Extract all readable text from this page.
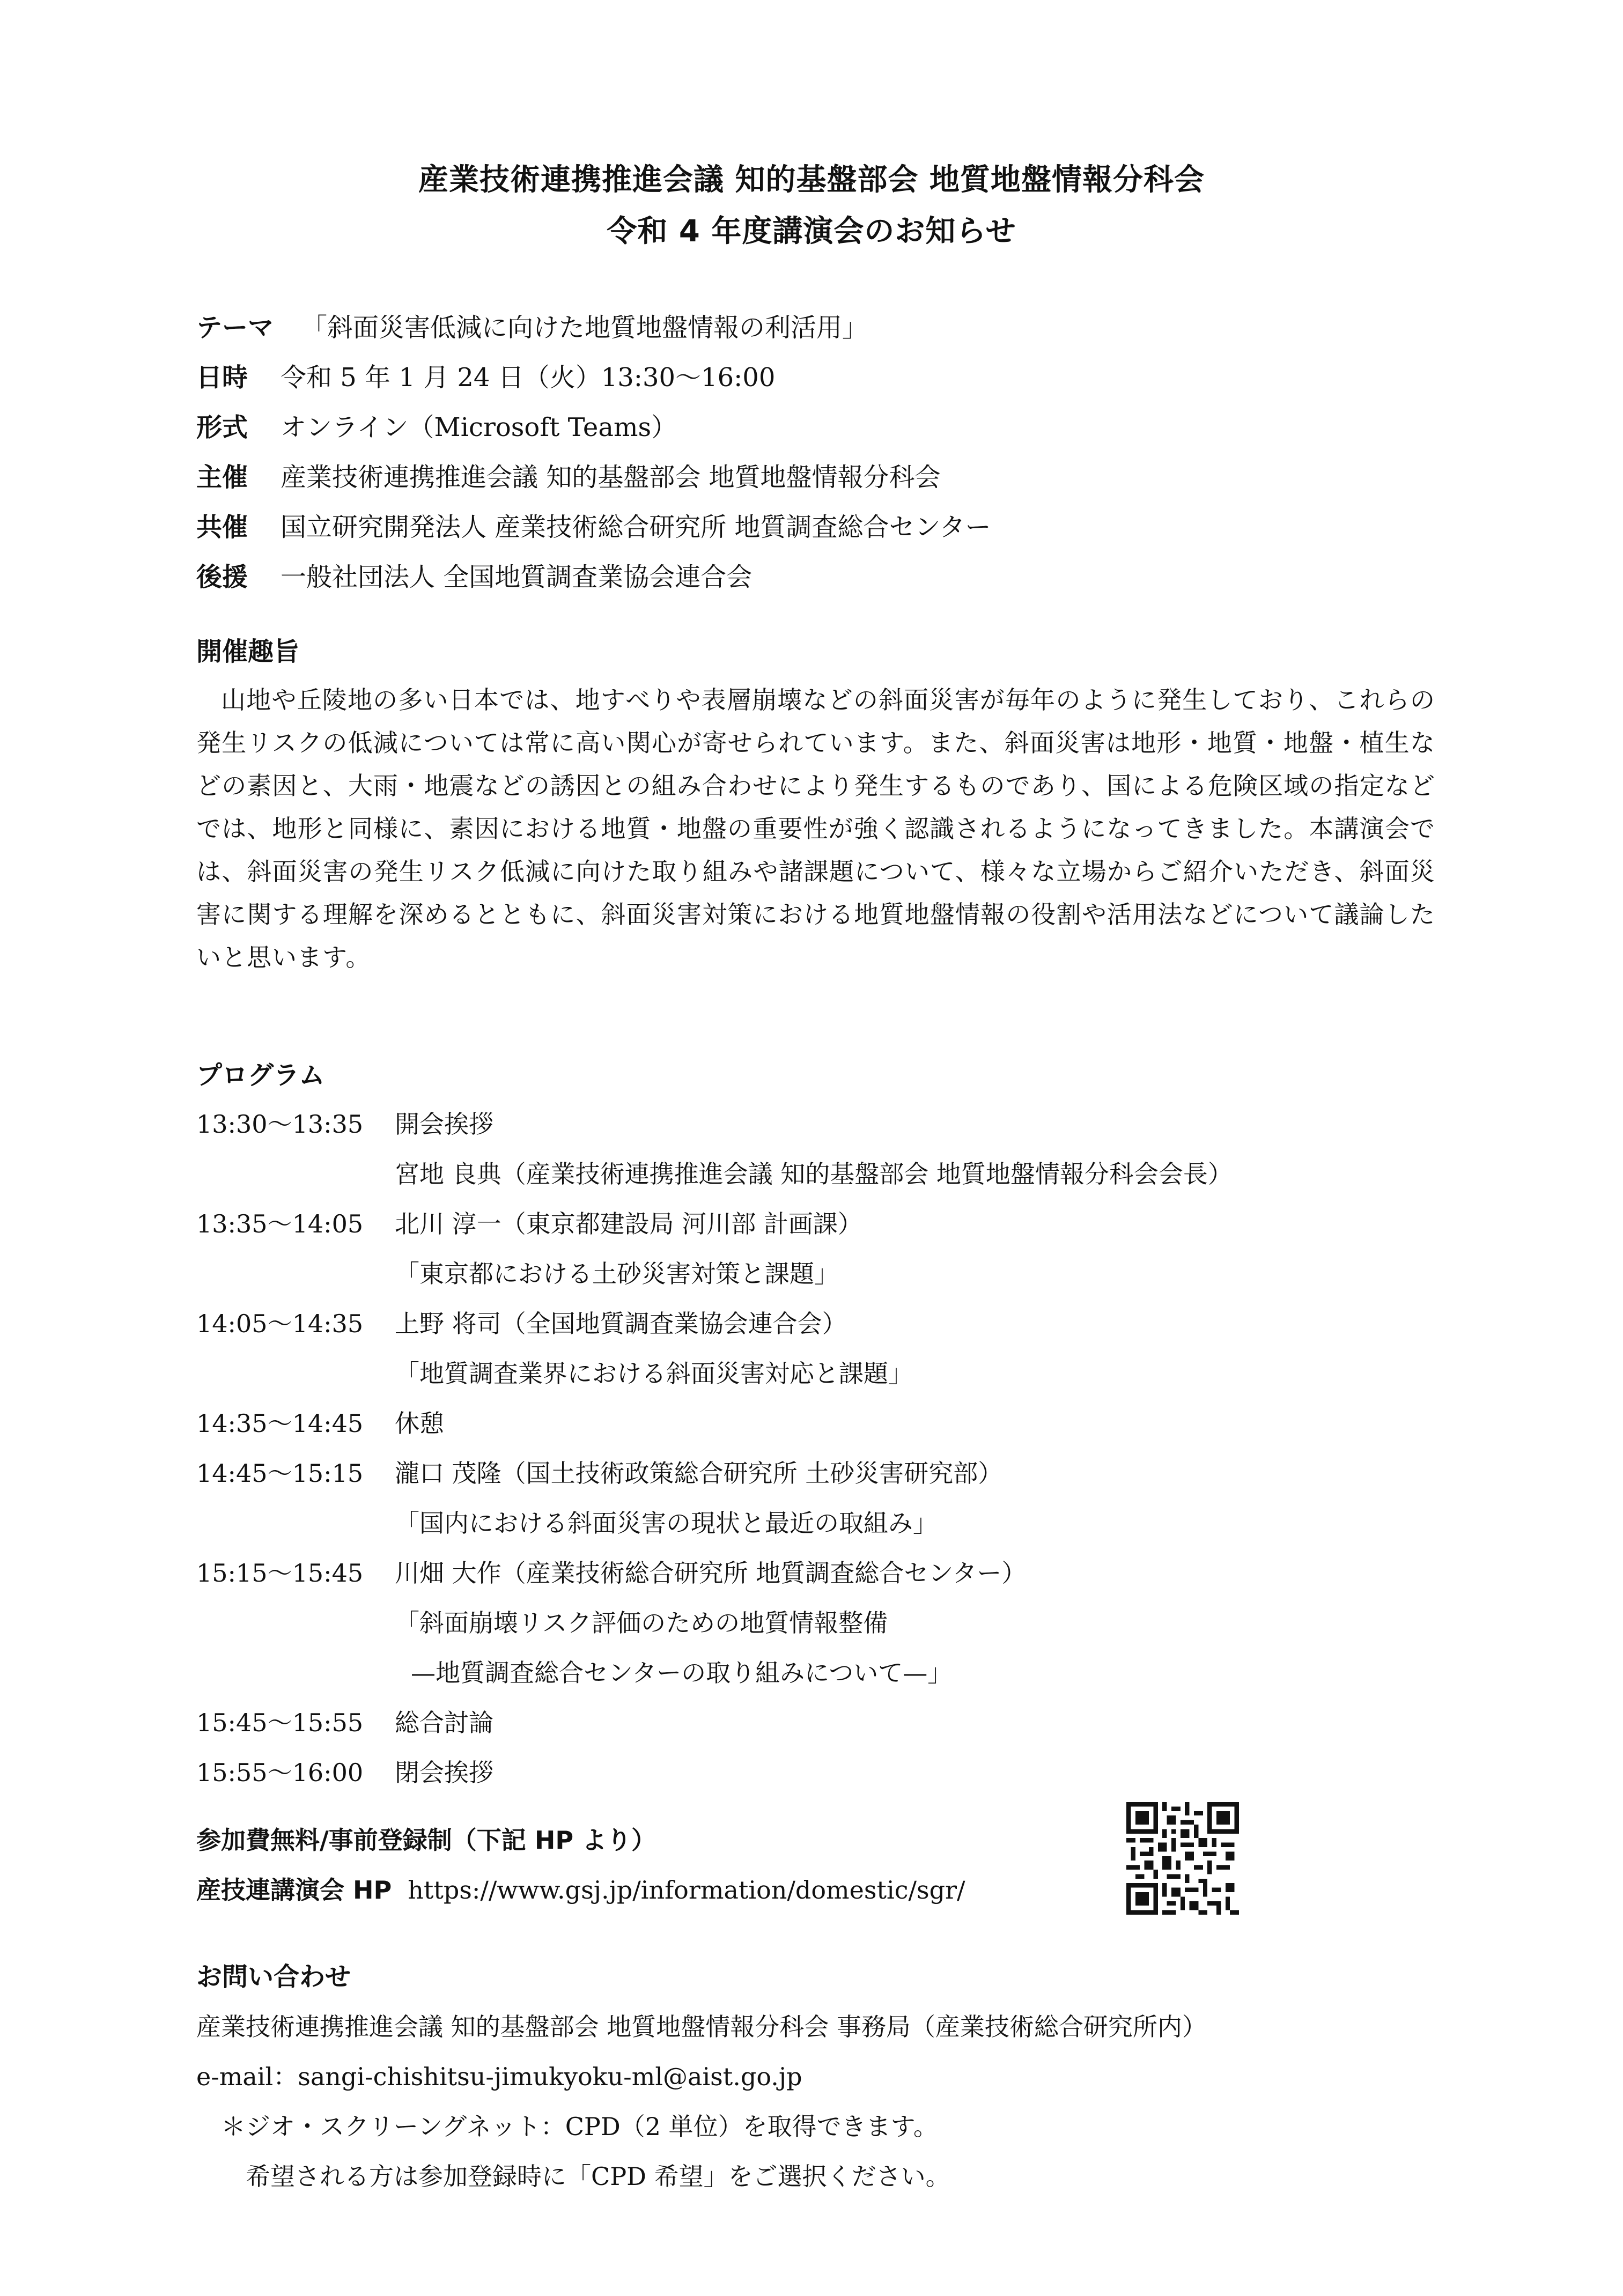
産業技術連携推進会議 知的基盤部会 地質地盤情報分科会
令和 4 年度講演会のお知らせ
テーマ 「斜面災害低減に向けた地質地盤情報の利活用」
日時 令和 5 年 1 月 24 日（火）13:30～16:00
形式 オンライン（Microsoft Teams）
主催 産業技術連携推進会議 知的基盤部会 地質地盤情報分科会
共催 国立研究開発法人 産業技術総合研究所 地質調査総合センター
後援 一般社団法人 全国地質調査業協会連合会
開催趣旨
山地や丘陵地の多い日本では、地すべりや表層崩壊などの斜面災害が毎年のように発生しており、これらの発生リスクの低減については常に高い関心が寄せられています。また、斜面災害は地形・地質・地盤・植生などの素因と、大雨・地震などの誘因との組み合わせにより発生するものであり、国による危険区域の指定などでは、地形と同様に、素因における地質・地盤の重要性が強く認識されるようになってきました。本講演会では、斜面災害の発生リスク低減に向けた取り組みや諸課題について、様々な立場からご紹介いただき、斜面災害に関する理解を深めるとともに、斜面災害対策における地質地盤情報の役割や活用法などについて議論したいと思います。
プログラム
13:30～13:35 開会挨拶
宮地 良典（産業技術連携推進会議 知的基盤部会 地質地盤情報分科会会長）
13:35～14:05 北川 淳一（東京都建設局 河川部 計画課）
「東京都における土砂災害対策と課題」
14:05～14:35 上野 将司（全国地質調査業協会連合会）
「地質調査業界における斜面災害対応と課題」
14:35～14:45 休憩
14:45～15:15 瀧口 茂隆（国土技術政策総合研究所 土砂災害研究部）
「国内における斜面災害の現状と最近の取組み」
15:15～15:45 川畑 大作（産業技術総合研究所 地質調査総合センター）
「斜面崩壊リスク評価のための地質情報整備
—地質調査総合センターの取り組みについて—」
15:45～15:55 総合討論
15:55～16:00 閉会挨拶
参加費無料/事前登録制（下記 HP より）
産技連講演会 HP https://www.gsj.jp/information/domestic/sgr/
お問い合わせ
産業技術連携推進会議 知的基盤部会 地質地盤情報分科会 事務局（産業技術総合研究所内）
e-mail：sangi-chishitsu-jimukyoku-ml@aist.go.jp
＊ジオ・スクリーングネット：CPD（2 単位）を取得できます。
希望される方は参加登録時に「CPD 希望」をご選択ください。
